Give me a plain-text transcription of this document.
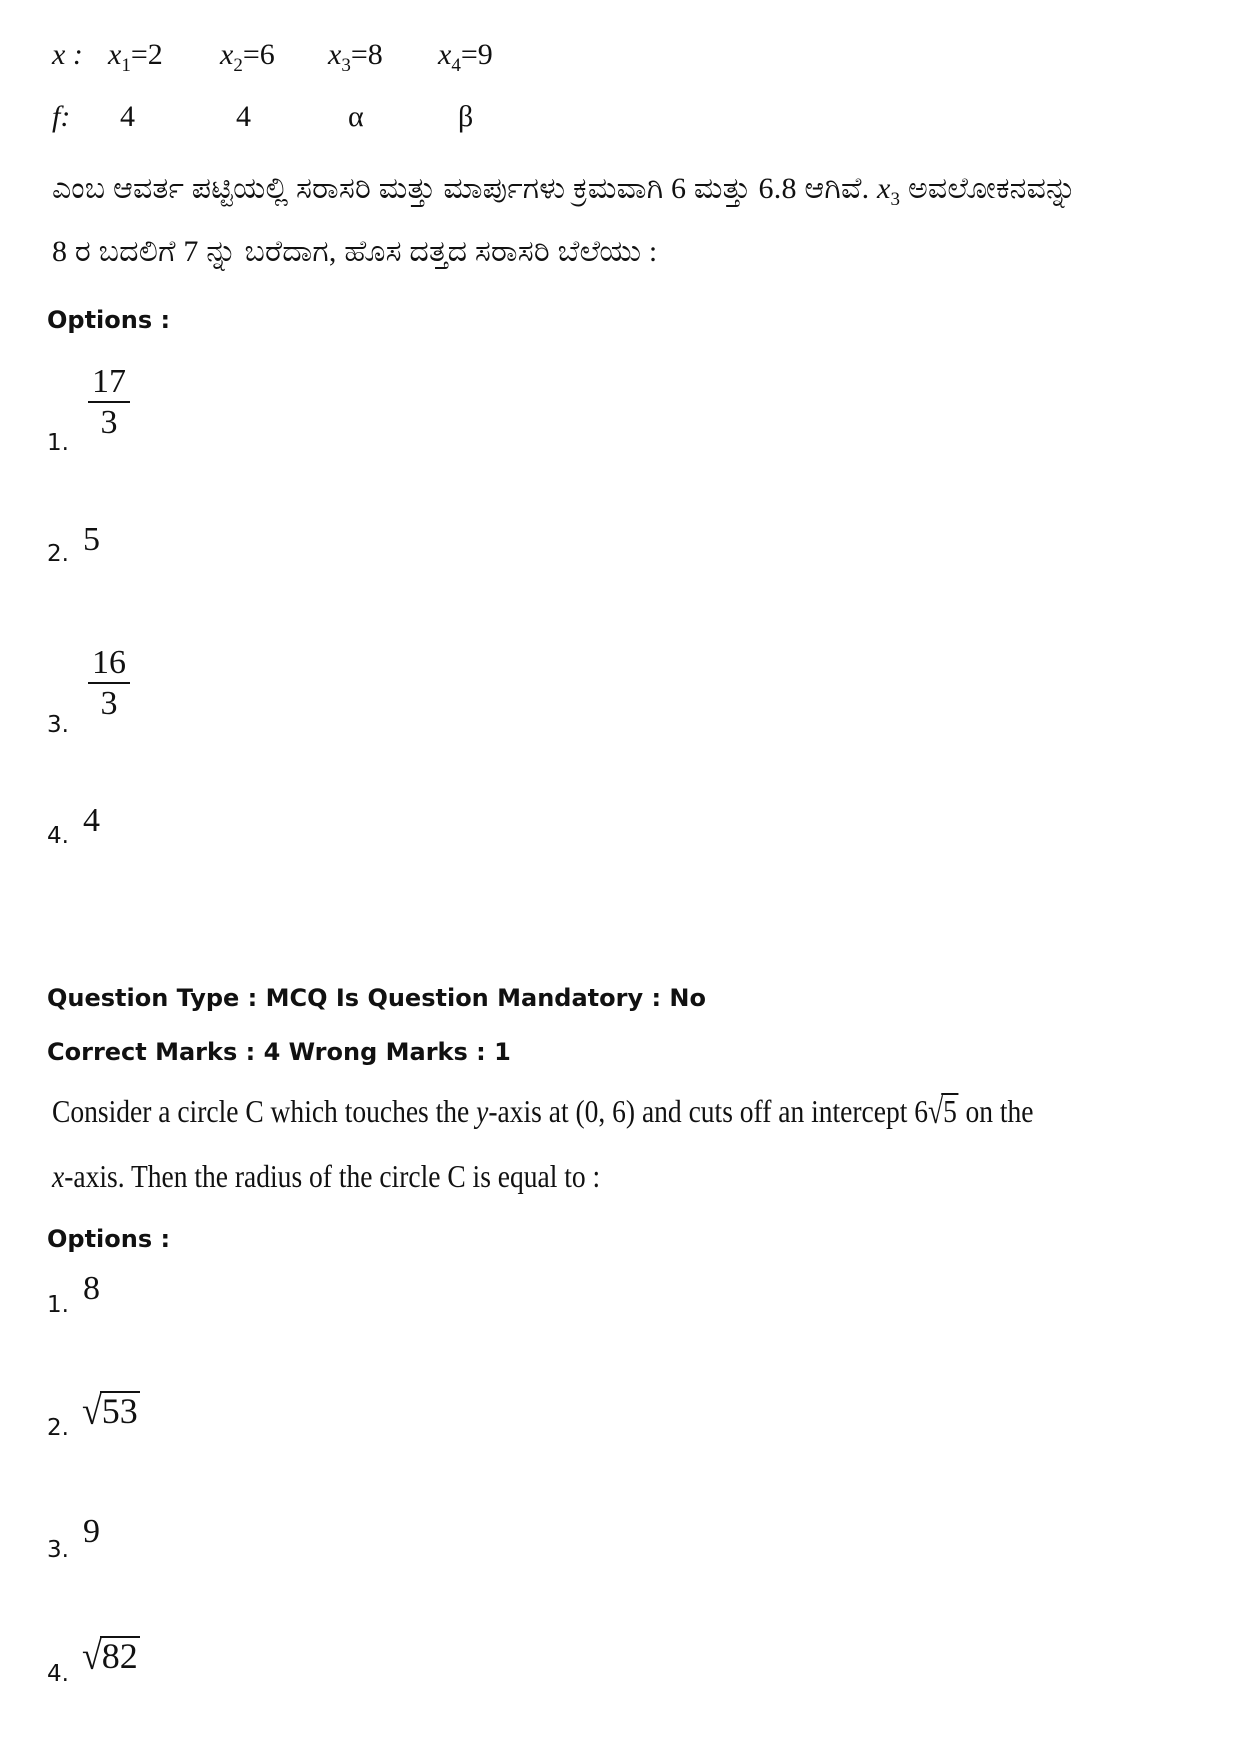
x : $x_1=2$ $x_2=6$ $x_3=8$ $x_4=9$
f: 4	4	α	β
ಎಂಬ ಆವರ್ತ ಪಟ್ಟಿಯಲ್ಲಿ ಸರಾಸರಿ ಮತ್ತು ಮಾರ್ಪುಗಳು ಕ್ರಮವಾಗಿ 6 ಮತ್ತು 6.8 ಆಗಿವೆ. $x_3$ ಅವಲೋಕನವನ್ನು
8 ರ ಬದಲಿಗೆ 7 ನ್ನು ಬರೆದಾಗ, ಹೊಸ ದತ್ತದ ಸರಾಸರಿ ಬೆಲೆಯು :
Options :
1.
$\frac{17}{3}$
2. 5
3.
$\frac{16}{3}$
4. 4
Question Type : MCQ Is Question Mandatory : No
Correct Marks : 4 Wrong Marks : 1
Consider a circle C which touches the y-axis at (0, 6) and cuts off an intercept 6√5 on the
x-axis. Then the radius of the circle C is equal to :
Options :
1. 8
2. √53
3. 9
4. √82
